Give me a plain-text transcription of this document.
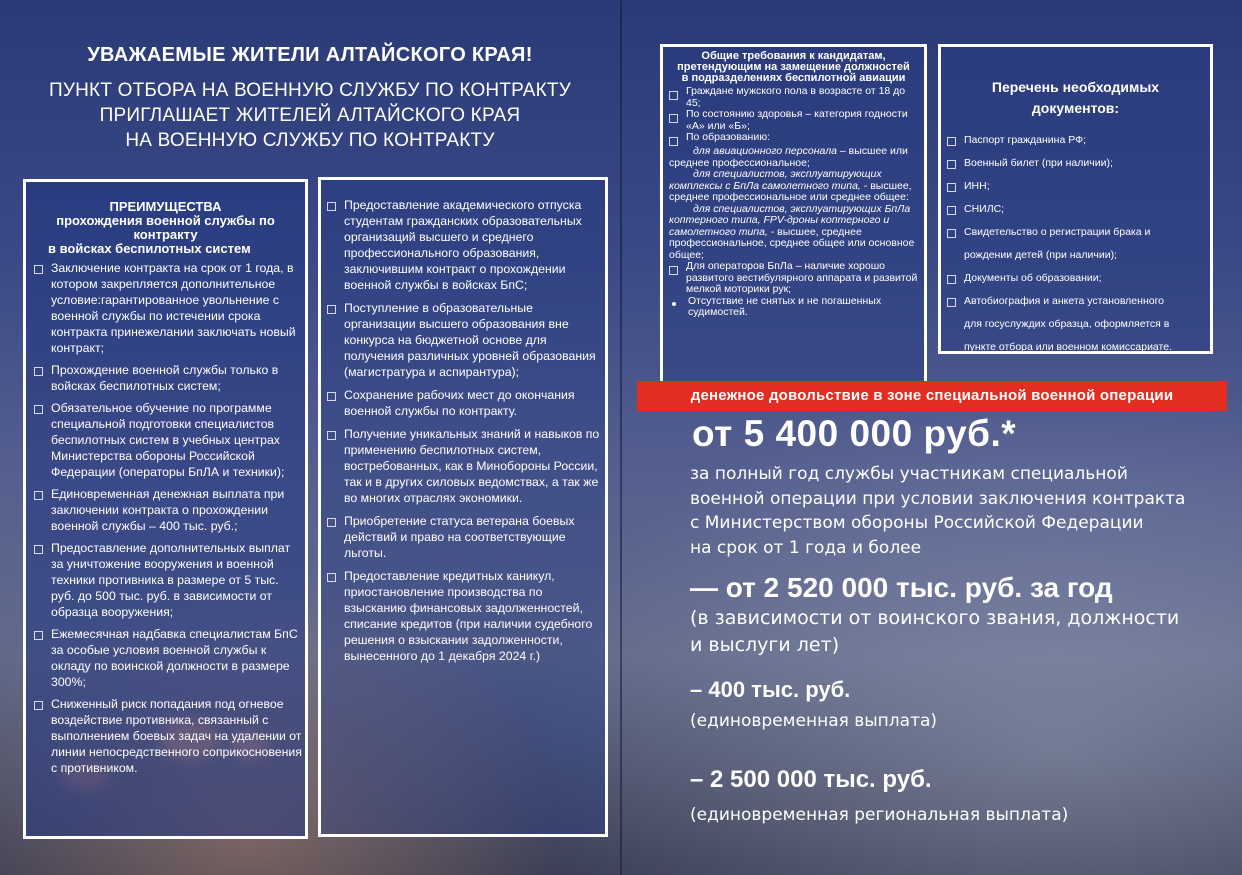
УВАЖАЕМЫЕ ЖИТЕЛИ АЛТАЙСКОГО КРАЯ!
ПУНКТ ОТБОРА НА ВОЕННУЮ СЛУЖБУ ПО КОНТРАКТУ
ПРИГЛАШАЕТ ЖИТЕЛЕЙ АЛТАЙСКОГО КРАЯ
НА ВОЕННУЮ СЛУЖБУ ПО КОНТРАКТУ
ПРЕИМУЩЕСТВА
прохождения военной службы по
контракту
в войсках беспилотных систем
Заключение контракта на срок от 1 года, в котором закрепляется дополнительное условие:гарантированное увольнение с военной службы по истечении срока контракта принежелании заключать новый контракт;
Прохождение военной службы только в войсках беспилотных систем;
Обязательное обучение по программе специальной подготовки специалистов беспилотных систем в учебных центрах Министерства обороны Российской Федерации (операторы БпЛА и техники);
Единовременная денежная выплата при заключении контракта о прохождении военной службы – 400 тыс. руб.;
Предоставление дополнительных выплат за уничтожение вооружения и военной техники противника в размере от 5 тыс. руб. до 500 тыс. руб. в зависимости от образца вооружения;
Ежемесячная надбавка специалистам БпС за особые условия военной службы к окладу по воинской должности в размере 300%;
Сниженный риск попадания под огневое воздействие противника, связанный с выполнением боевых задач на удалении от линии непосредственного соприкосновения с противником.
Предоставление академического отпуска студентам гражданских образовательных организаций высшего и среднего профессионального образования, заключившим контракт о прохождении военной службы в войсках БпС;
Поступление в образовательные организации высшего образования вне конкурса на бюджетной основе для получения различных уровней образования (магистратура и аспирантура);
Сохранение рабочих мест до окончания военной службы по контракту.
Получение уникальных знаний и навыков по применению беспилотных систем, востребованных, как в Минобороны России, так и в других силовых ведомствах, а так же во многих отраслях экономики.
Приобретение статуса ветерана боевых действий и право на соответствующие льготы.
Предоставление кредитных каникул, приостановление производства по взысканию финансовых задолженностей, списание кредитов (при наличии судебного решения о взыскании задолженности, вынесенного до 1 декабря 2024 г.)
Общие требования к кандидатам,
претендующим на замещение должностей
в подразделениях беспилотной авиации
Граждане мужского пола в возрасте от 18 до 45;
По состоянию здоровья – категория годности «А» или «Б»;
По образованию:
для авиационного персонала – высшее или среднее профессиональное;
для специалистов, эксплуатирующих комплексы с БпЛа самолетного типа, - высшее, среднее профессиональное или среднее общее:
для специалистов, эксплуатирующих БпЛа коптерного типа, FPV-дроны коптерного и самолетного типа, - высшее, среднее профессиональное, среднее общее или основное общее;
Для операторов БпЛа – наличие хорошо развитого вестибулярного аппарата и развитой мелкой моторики рук;
Отсутствие не снятых и не погашенных судимостей.
Перечень необходимых
документов:
Паспорт гражданина РФ;
Военный билет (при наличии);
ИНН;
СНИЛС;
Свидетельство о регистрации брака и
рождении детей (при наличии);
Документы об образовании;
Автобиография и анкета установленного
для госуслуждих образца, оформляется в
пункте отбора или военном комиссариате.
денежное довольствие в зоне специальной военной операции
от 5 400 000 руб.*
за полный год службы участникам специальной
военной операции при условии заключения контракта
с Министерством обороны Российской Федерации
на срок от 1 года и более
— от 2 520 000 тыс. руб. за год
(в зависимости от воинского звания, должности
и выслуги лет)
– 400 тыс. руб.
(единовременная выплата)
– 2 500 000 тыс. руб.
(единовременная региональная выплата)
